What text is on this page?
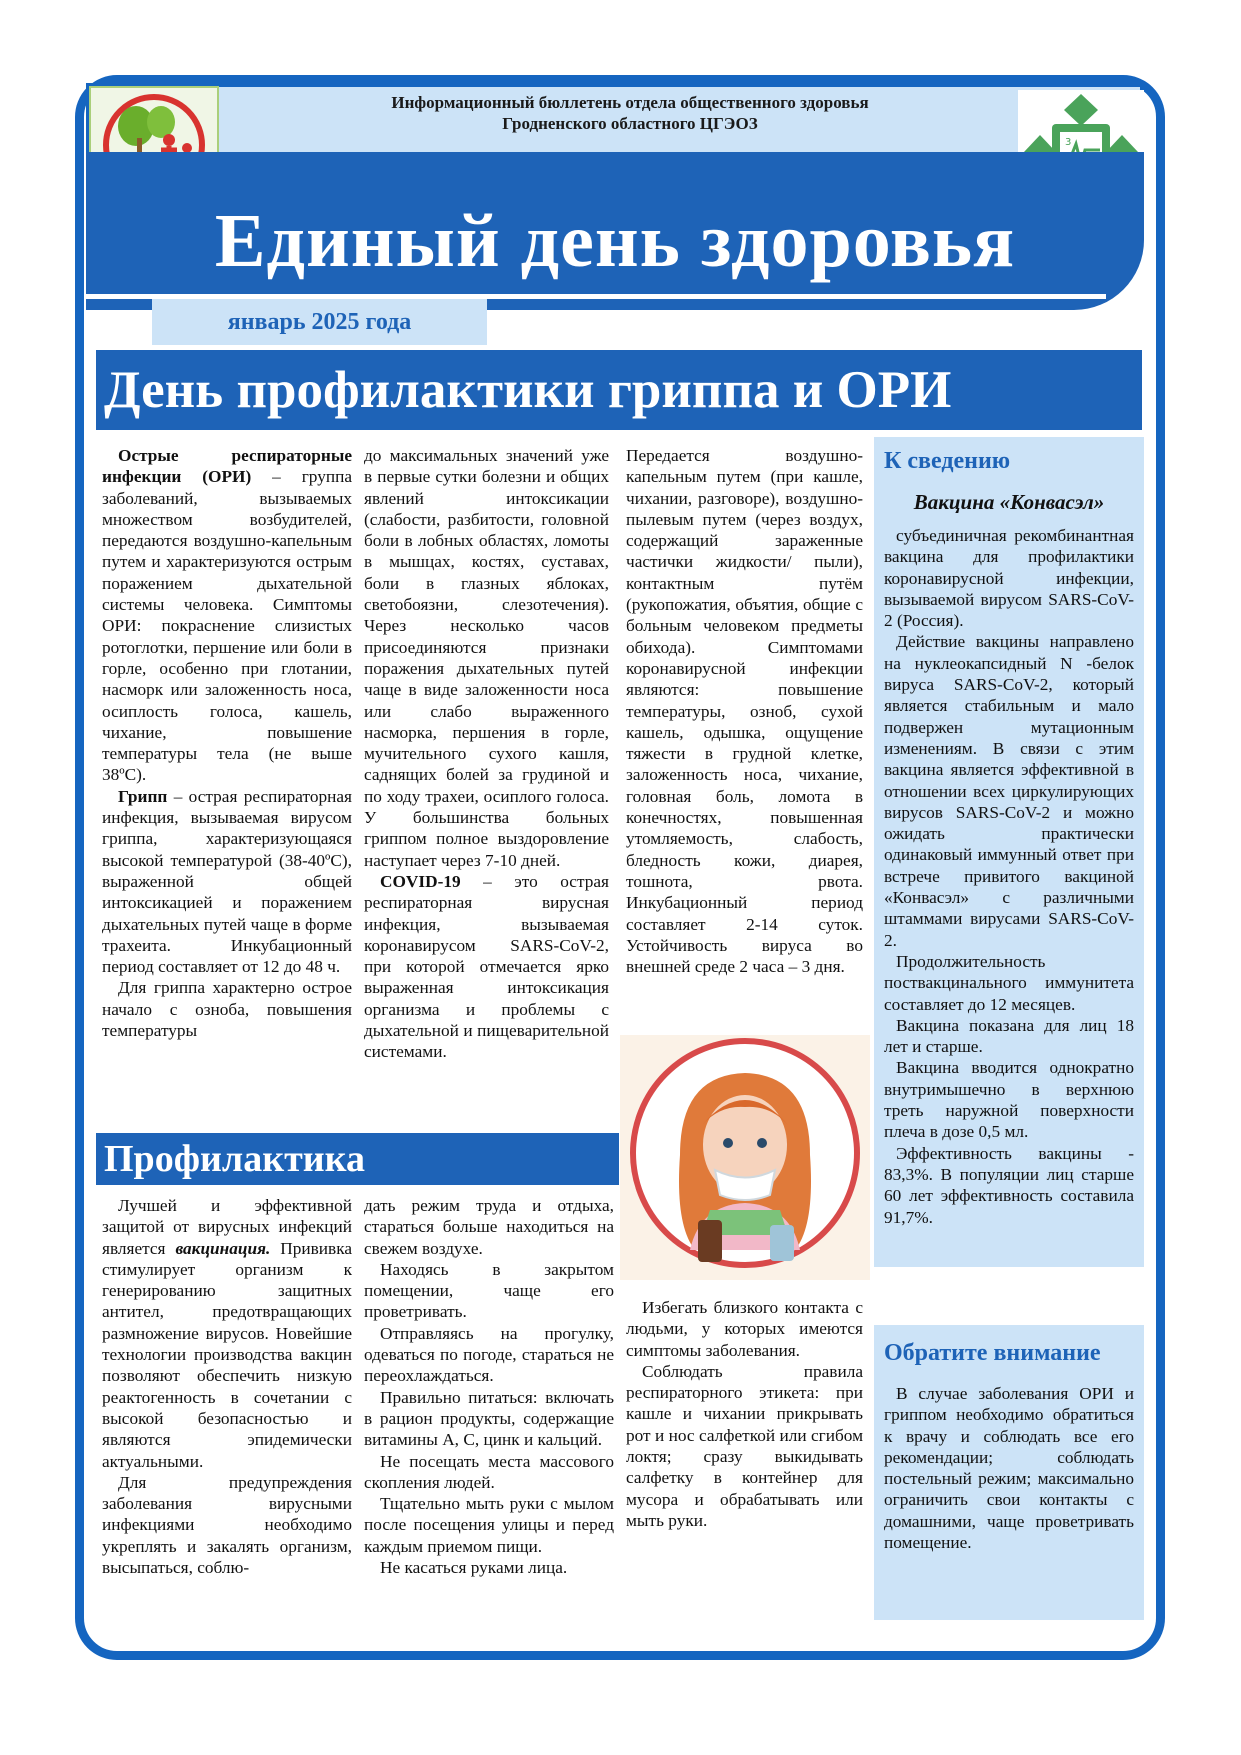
3
Информационный бюллетень отдела общественного здоровья
Гродненского областного ЦГЭОЗ
Единый день здоровья
январь 2025 года
День профилактики гриппа и ОРИ

Острые респираторные инфекции (ОРИ) – группа заболеваний, вызываемых множеством возбудителей, передаются воздушно-капельным путем и характеризуются острым поражением дыхательной системы человека. Симптомы ОРИ: покраснение слизистых ротоглотки, першение или боли в горле, особенно при глотании, насморк или заложенность носа, осиплость голоса, кашель, чихание, повышение температуры тела (не выше 38ºС).

Грипп – острая респираторная инфекция, вызываемая вирусом гриппа, характеризующаяся высокой температурой (38-40ºС), выраженной общей интоксикацией и поражением дыхательных путей чаще в форме трахеита. Инкубационный период составляет от 12 до 48 ч.

Для гриппа характерно острое начало с озноба, повышения температуры

до максимальных значений уже в первые сутки болезни и общих явлений интоксикации (слабости, разбитости, головной боли в лобных областях, ломоты в мышцах, костях, суставах, боли в глазных яблоках, светобоязни, слезотечения). Через несколько часов присоединяются признаки поражения дыхательных путей чаще в виде заложенности носа или слабо выраженного насморка, першения в горле, мучительного сухого кашля, саднящих болей за грудиной и по ходу трахеи, осиплого голоса. У большинства больных гриппом полное выздоровление наступает через 7-10 дней.

COVID-19 – это острая респираторная вирусная инфекция, вызываемая коронавирусом SARS-CoV-2, при которой отмечается ярко выраженная интоксикация организма и проблемы с дыхательной и пищеварительной системами.

Передается воздушно-капельным путем (при кашле, чихании, разговоре), воздушно-пылевым путем (через воздух, содержащий зараженные частички жидкости/ пыли), контактным путём (рукопожатия, объятия, общие с больным человеком предметы обихода). Симптомами коронавирусной инфекции являются: повышение температуры, озноб, сухой кашель, одышка, ощущение тяжести в грудной клетке, заложенность носа, чихание, головная боль, ломота в конечностях, повышенная утомляемость, слабость, бледность кожи, диарея, тошнота, рвота. Инкубационный период составляет 2-14 суток. Устойчивость вируса во внешней среде 2 часа – 3 дня.

К сведению
Вакцина «Конвасэл»

субъединичная рекомбинантная вакцина для профилактики коронавирусной инфекции, вызываемой вирусом SARS-CoV-2 (Россия).

Действие вакцины направлено на нуклеокапсидный N -белок вируса SARS-CoV-2, который является стабильным и мало подвержен мутационным изменениям. В связи с этим вакцина является эффективной в отношении всех циркулирующих вирусов SARS-CoV-2 и можно ожидать практически одинаковый иммунный ответ при встрече привитого вакциной «Конвасэл» с различными штаммами вирусами SARS-CoV-2.

Продолжительность поствакцинального иммунитета составляет до 12 месяцев.

Вакцина показана для лиц 18 лет и старше.

Вакцина вводится однократно внутримышечно в верхнюю треть наружной поверхности плеча в дозе 0,5 мл.

Эффективность вакцины - 83,3%. В популяции лиц старше 60 лет эффективность составила 91,7%.

Профилактика

Лучшей и эффективной защитой от вирусных инфекций является вакцинация. Прививка стимулирует организм к генерированию защитных антител, предотвращающих размножение вирусов. Новейшие технологии производства вакцин позволяют обеспечить низкую реактогенность в сочетании с высокой безопасностью и являются эпидемически актуальными.

Для предупреждения заболевания вирусными инфекциями необходимо укреплять и закалять организм, высыпаться, соблю-

дать режим труда и отдыха, стараться больше находиться на свежем воздухе.

Находясь в закрытом помещении, чаще его проветривать.

Отправляясь на прогулку, одеваться по погоде, стараться не переохлаждаться.

Правильно питаться: включать в рацион продукты, содержащие витамины А, С, цинк и кальций.

Не посещать места массового скопления людей.

Тщательно мыть руки с мылом после посещения улицы и перед каждым приемом пищи.

Не касаться руками лица.

Избегать близкого контакта с людьми, у которых имеются симптомы заболевания.

Соблюдать правила респираторного этикета: при кашле и чихании прикрывать рот и нос салфеткой или сгибом локтя; сразу выкидывать салфетку в контейнер для мусора и обрабатывать или мыть руки.

Обратите внимание

В случае заболевания ОРИ и гриппом необходимо обратиться к врачу и соблюдать все его рекомендации; соблюдать постельный режим; максимально ограничить свои контакты с домашними, чаще проветривать помещение.
